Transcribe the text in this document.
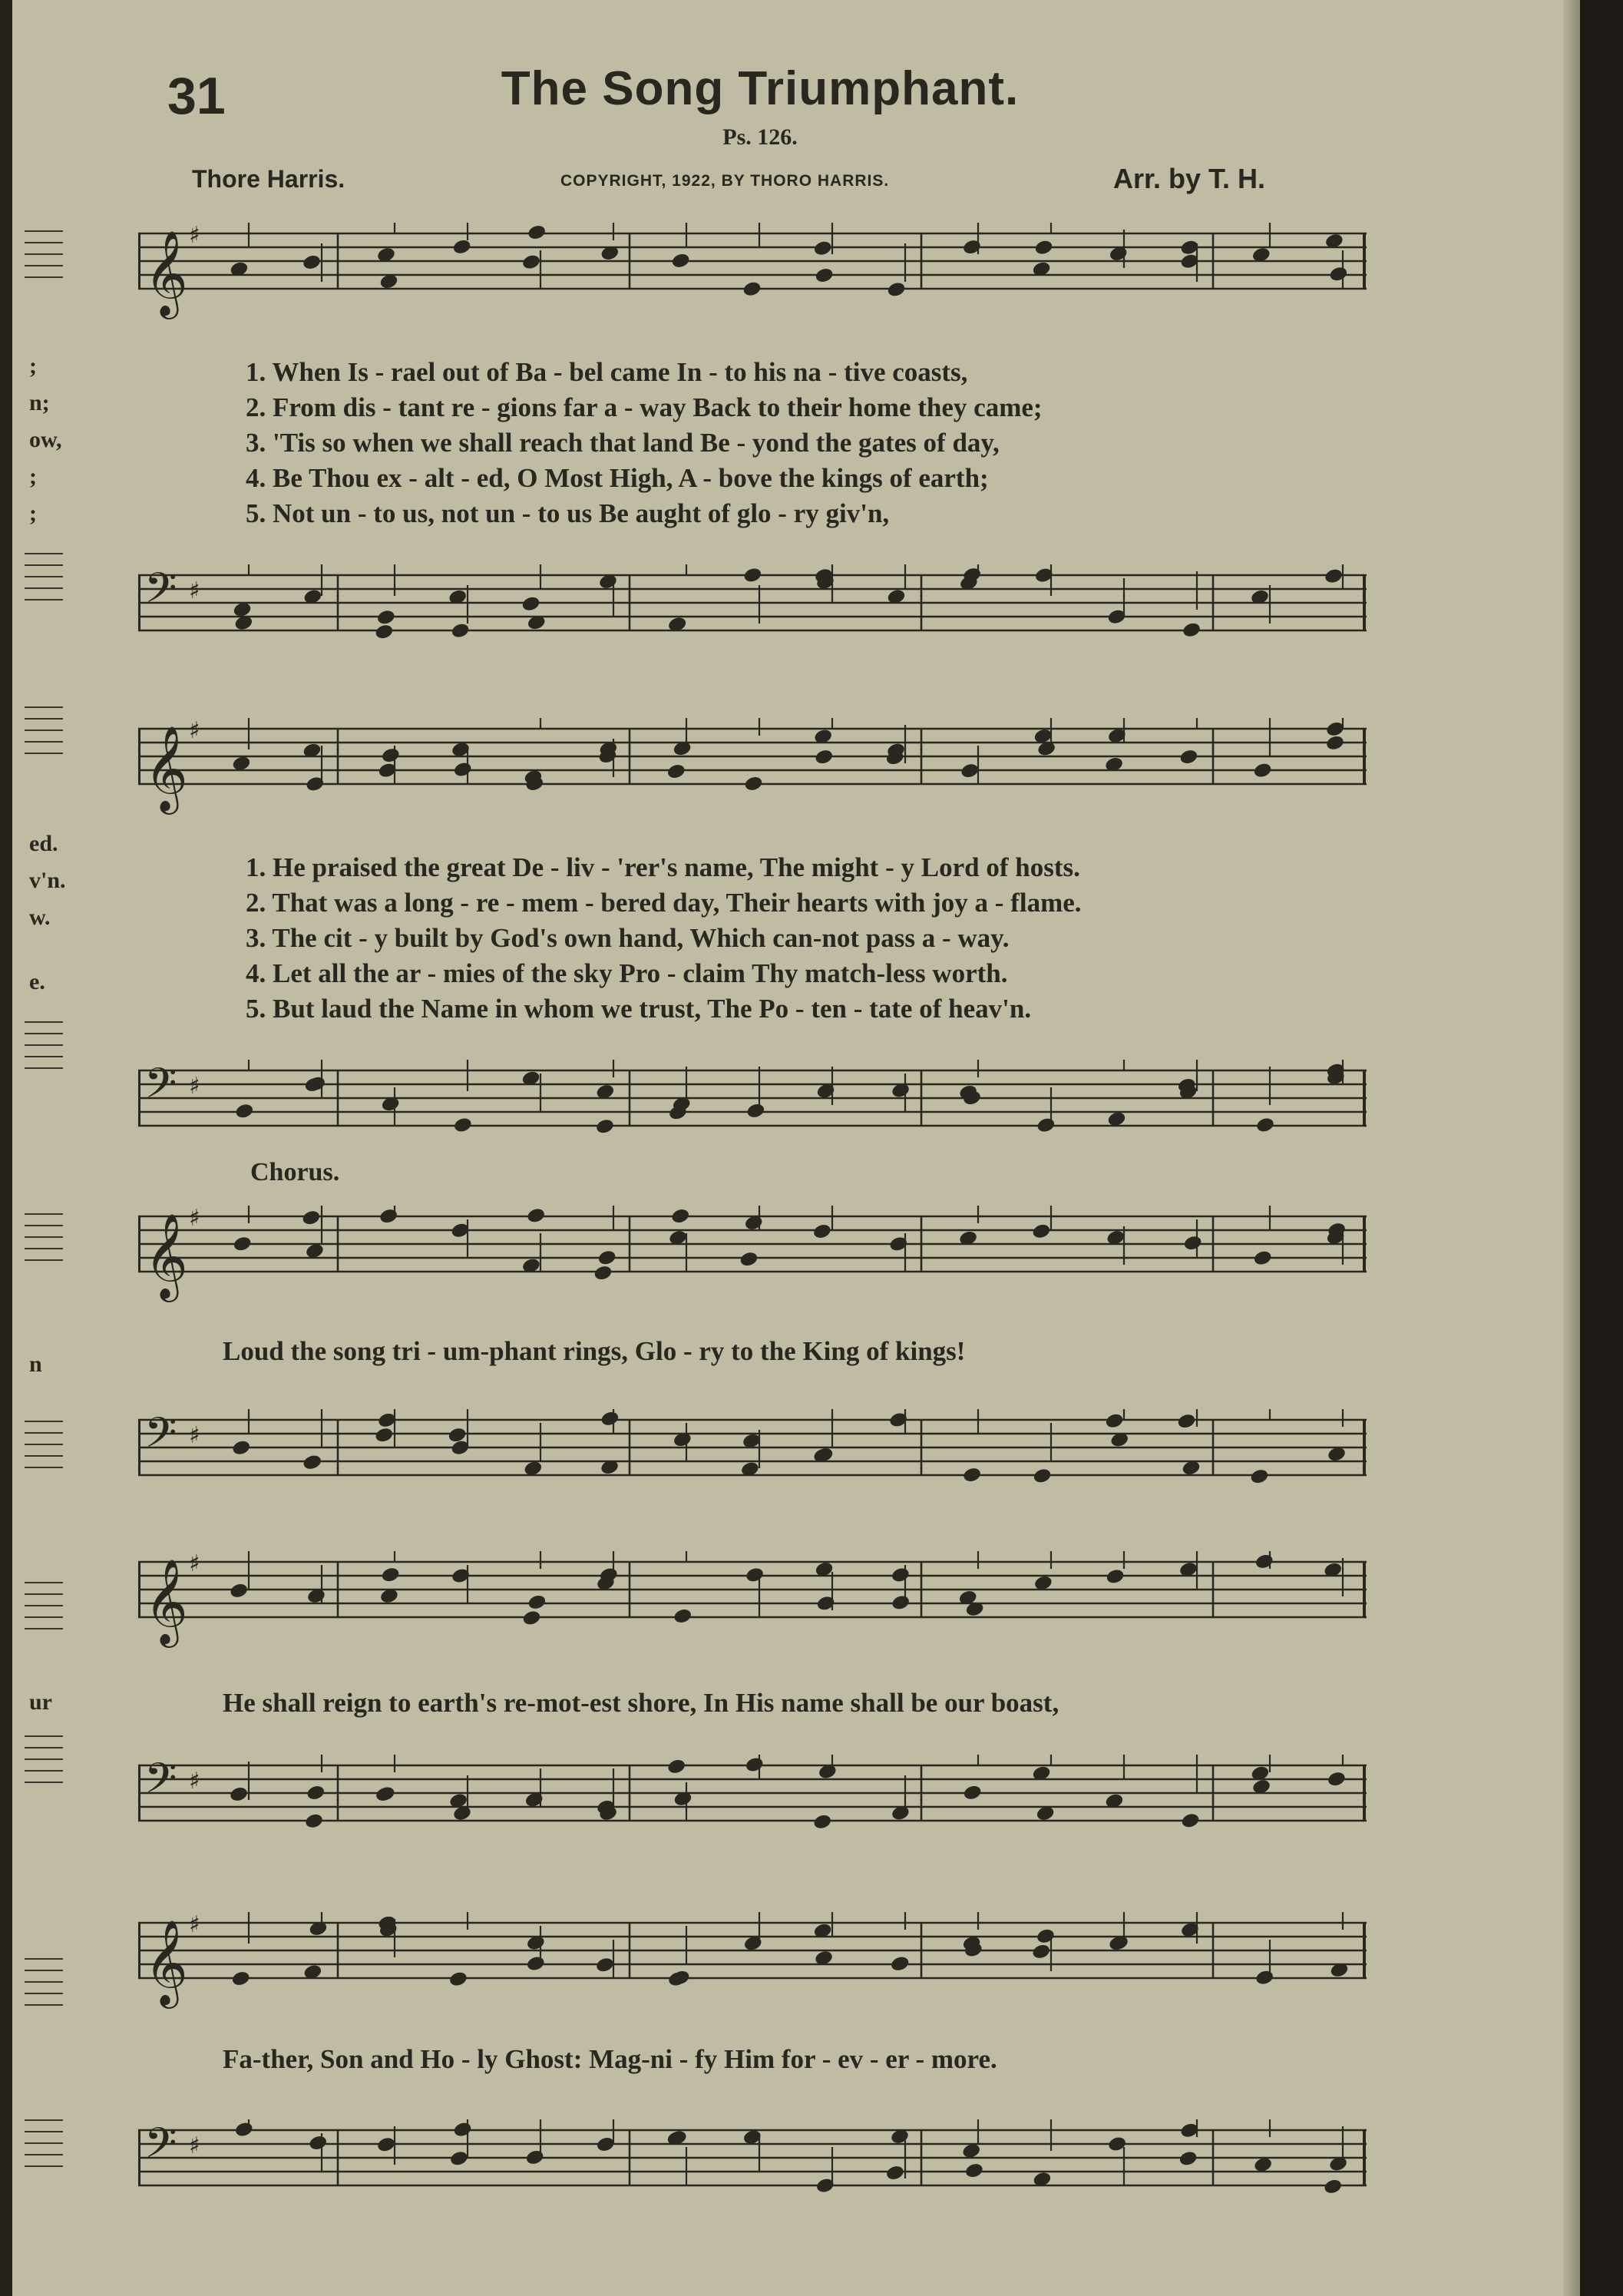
;
n;
ow,
;
;
ed.
v'n.
w.
e.
n
ur
31	The Song Triumphant.
Ps. 126.
Thore Harris.	COPYRIGHT, 1922, BY THORO HARRIS.	Arr. by T. H.
𝄞 ♯
1. When Is - rael out of Ba - bel came In - to his na - tive coasts,
2. From dis - tant re - gions far a - way Back to their home they came;
3. 'Tis so when we shall reach that land Be - yond the gates of day,
4. Be Thou ex - alt - ed, O Most High, A - bove the kings of earth;
5. Not un - to us, not un - to us Be aught of glo - ry giv'n,
𝄢 ♯
𝄞 ♯
1. He praised the great De - liv - 'rer's name, The might - y Lord of hosts.
2. That was a long - re - mem - bered day, Their hearts with joy a - flame.
3. The cit - y built by God's own hand, Which can-not pass a - way.
4. Let all the ar - mies of the sky Pro - claim Thy match-less worth.
5. But laud the Name in whom we trust, The Po - ten - tate of heav'n.
𝄢 ♯
Chorus.
𝄞 ♯
Loud the song tri - um-phant rings, Glo - ry to the King of kings!
𝄢 ♯
𝄞 ♯
He shall reign to earth's re-mot-est shore, In His name shall be our boast,
𝄢 ♯
𝄞 ♯
Fa-ther, Son and Ho - ly Ghost: Mag-ni - fy Him for - ev - er - more.
𝄢 ♯
